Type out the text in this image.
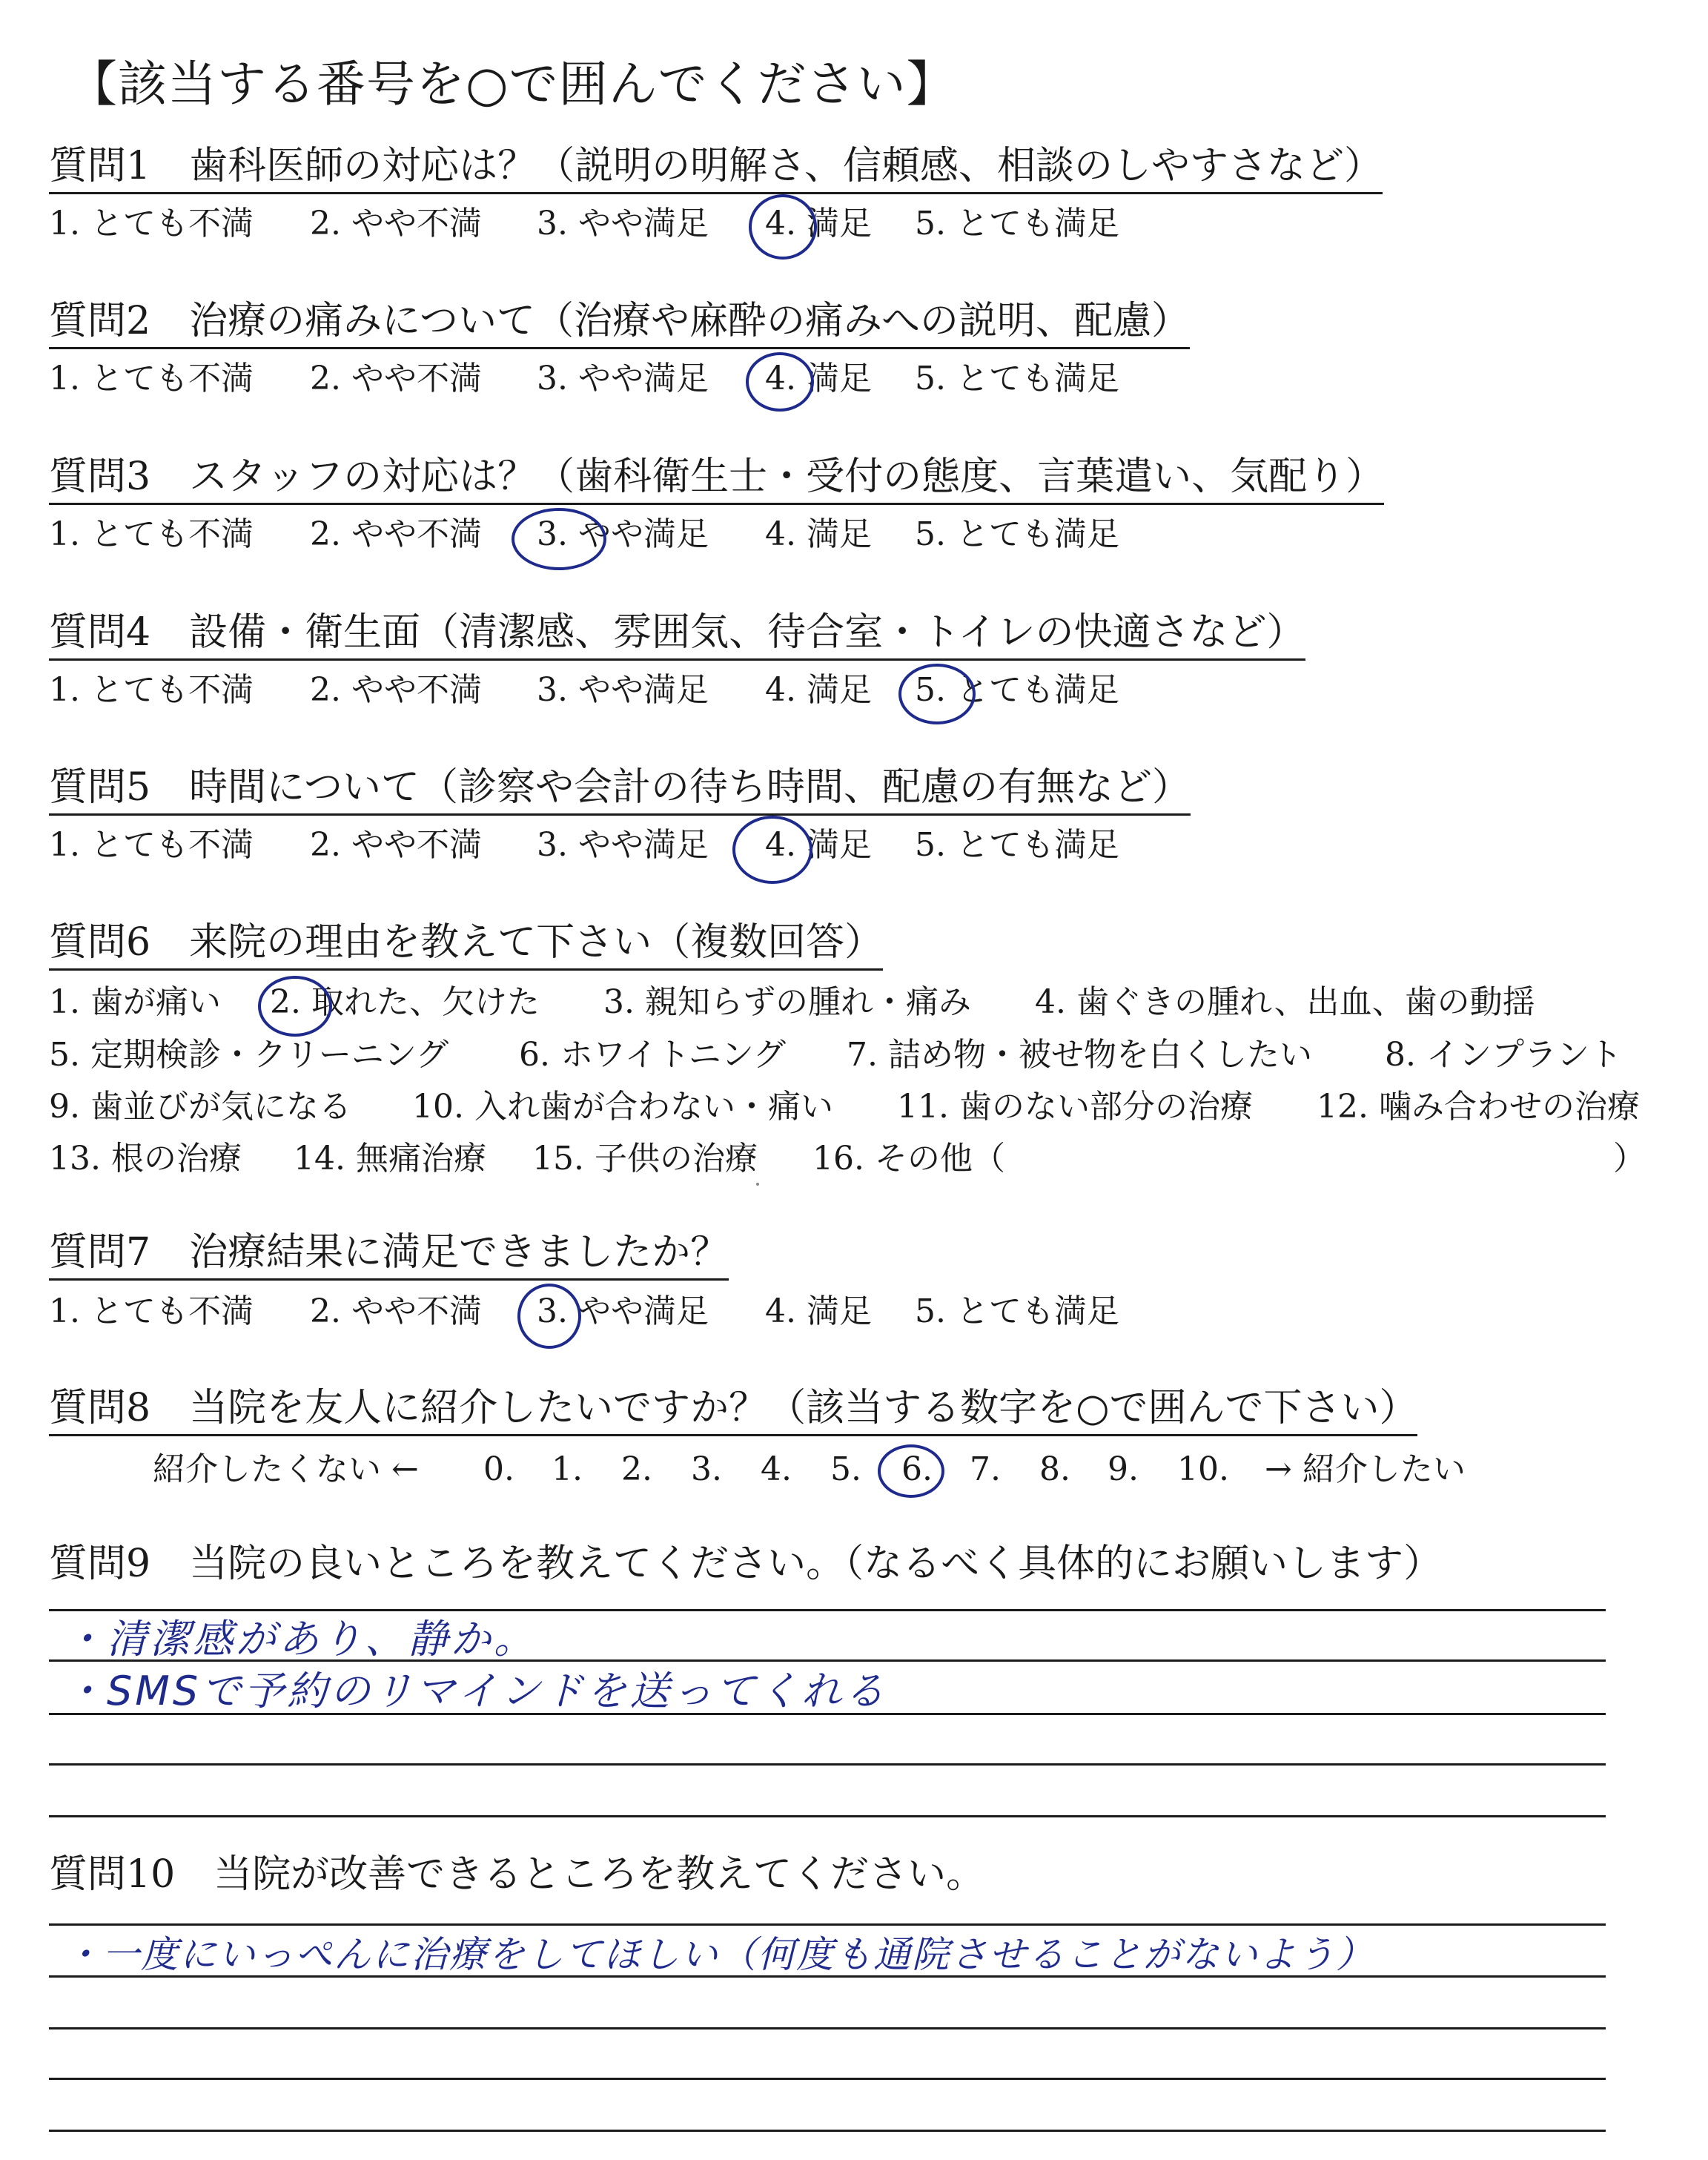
【該当する番号を○で囲んでください】
質問1　歯科医師の対応は？（説明の明解さ、信頼感、相談のしやすさなど）
1. とても不満 2. やや不満 3. やや満足 4. 満足 5. とても満足
質問2　治療の痛みについて（治療や麻酔の痛みへの説明、配慮）
1. とても不満 2. やや不満 3. やや満足 4. 満足 5. とても満足
質問3　スタッフの対応は？（歯科衛生士・受付の態度、言葉遣い、気配り）
1. とても不満 2. やや不満 3. やや満足 4. 満足 5. とても満足
質問4　設備・衛生面（清潔感、雰囲気、待合室・トイレの快適さなど）
1. とても不満 2. やや不満 3. やや満足 4. 満足 5. とても満足
質問5　時間について（診察や会計の待ち時間、配慮の有無など）
1. とても不満 2. やや不満 3. やや満足 4. 満足 5. とても満足
質問6　来院の理由を教えて下さい（複数回答）
1. 歯が痛い 2. 取れた、欠けた 3. 親知らずの腫れ・痛み 4. 歯ぐきの腫れ、出血、歯の動揺
5. 定期検診・クリーニング 6. ホワイトニング 7. 詰め物・被せ物を白くしたい 8. インプラント
9. 歯並びが気になる 10. 入れ歯が合わない・痛い 11. 歯のない部分の治療 12. 噛み合わせの治療
13. 根の治療 14. 無痛治療 15. 子供の治療 16. その他（	）
質問7　治療結果に満足できましたか？
1. とても不満 2. やや不満 3. やや満足 4. 満足 5. とても満足
質問8　当院を友人に紹介したいですか？（該当する数字を○で囲んで下さい）
紹介したくない ← 0. 1. 2. 3. 4. 5. 6. 7. 8. 9. 10. → 紹介したい
質問9　当院の良いところを教えてください。（なるべく具体的にお願いします）
・清潔感があり、静か。
・SMSで予約のリマインドを送ってくれる
質問10　当院が改善できるところを教えてください。
・一度にいっぺんに治療をしてほしい（何度も通院させることがないよう）
